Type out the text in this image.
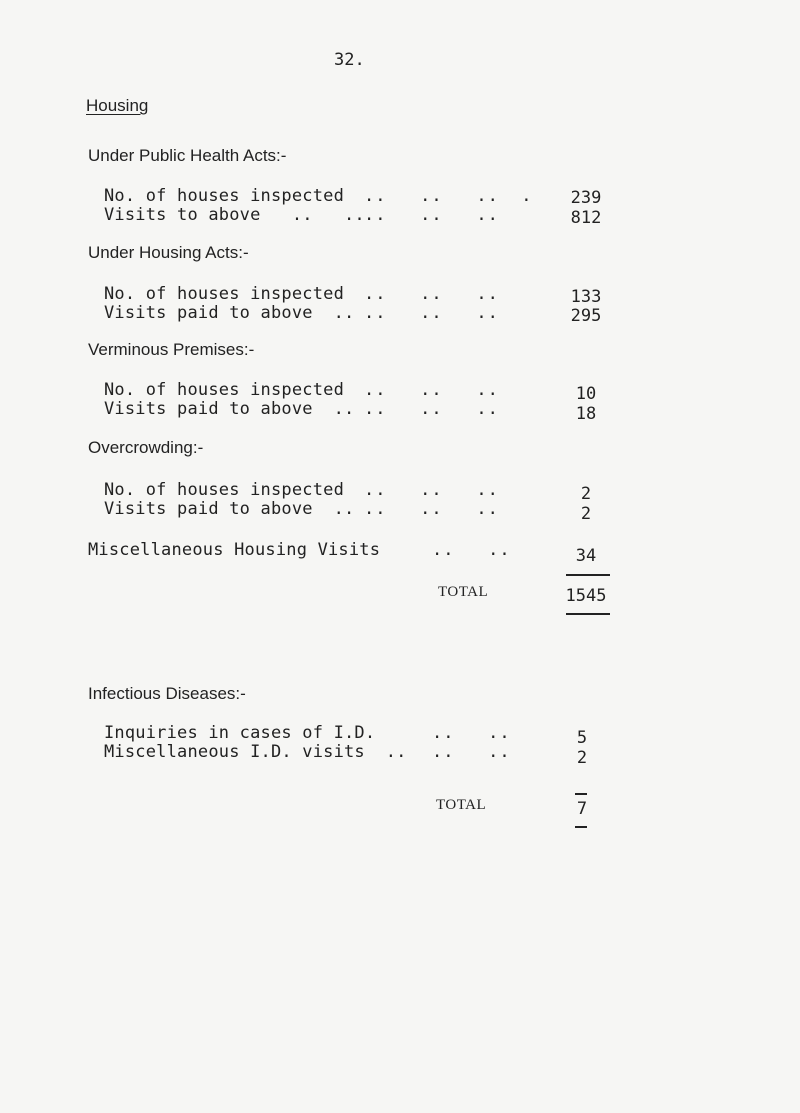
32.
Housing
Under Public Health Acts:-
No. of houses inspected ..   ..   ..  .	239
Visits to above   ..   .. ..   ..   ..	812
Under Housing Acts:-
No. of houses inspected ..   ..   ..	133
Visits paid to above  .. ..   ..   ..	295
Verminous Premises:-
No. of houses inspected ..   ..   ..	10
Visits paid to above  .. ..   ..   ..	18
Overcrowding:-
No. of houses inspected ..   ..   ..	2
Visits paid to above  .. ..   ..   ..	2
Miscellaneous Housing Visits	..   ..	34
TOTAL	1545
Infectious Diseases:-
Inquiries in cases of I.D.	..   ..	5
Miscellaneous I.D. visits  .. ..   ..	2
TOTAL	7
